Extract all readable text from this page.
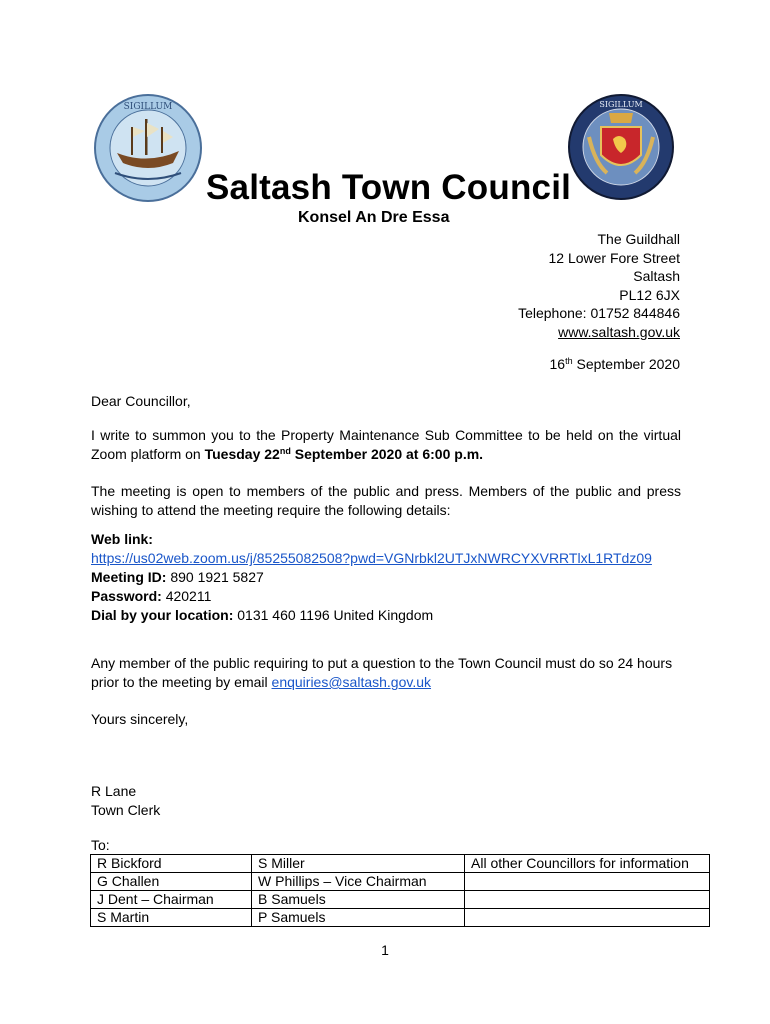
SIGILLUM	SIGILLUM
Saltash Town Council
Konsel An Dre Essa
The Guildhall
12 Lower Fore Street
Saltash
PL12 6JX
Telephone: 01752 844846
www.saltash.gov.uk
16th September 2020
Dear Councillor,
I write to summon you to the Property Maintenance Sub Committee to be held on the virtual Zoom platform on Tuesday 22nd September 2020 at 6:00 p.m.
The meeting is open to members of the public and press. Members of the public and press wishing to attend the meeting require the following details:
Web link:
https://us02web.zoom.us/j/85255082508?pwd=VGNrbkl2UTJxNWRCYXVRRTlxL1RTdz09
Meeting ID: 890 1921 5827
Password: 420211
Dial by your location: 0131 460 1196 United Kingdom
Any member of the public requiring to put a question to the Town Council must do so 24 hours prior to the meeting by email enquiries@saltash.gov.uk
Yours sincerely,
R Lane
Town Clerk
To:
R Bickford	S Miller	All other Councillors for information
G Challen	W Phillips – Vice Chairman	
J Dent – Chairman	B Samuels	
S Martin	P Samuels	
1
